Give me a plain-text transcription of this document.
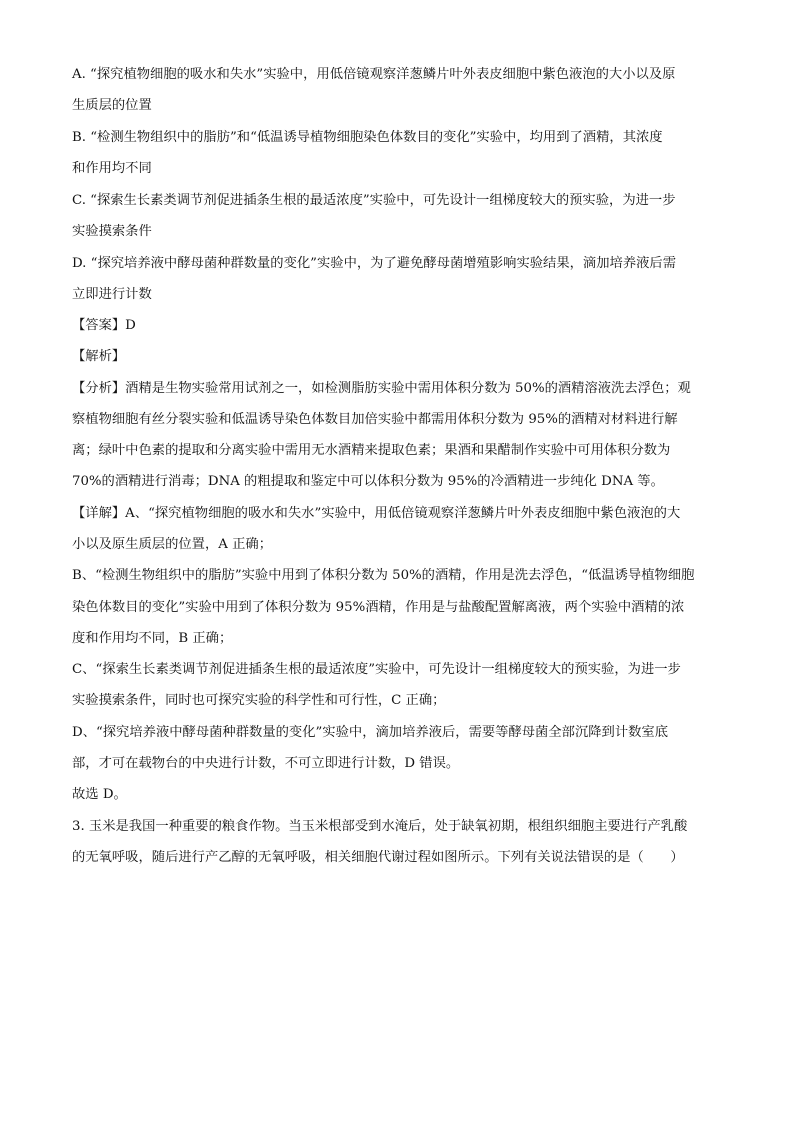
A. “探究植物细胞的吸水和失水”实验中，用低倍镜观察洋葱鳞片叶外表皮细胞中紫色液泡的大小以及原
生质层的位置
B. “检测生物组织中的脂肪”和“低温诱导植物细胞染色体数目的变化”实验中，均用到了酒精，其浓度
和作用均不同
C. “探索生长素类调节剂促进插条生根的最适浓度”实验中，可先设计一组梯度较大的预实验，为进一步
实验摸索条件
D. “探究培养液中酵母菌种群数量的变化”实验中，为了避免酵母菌增殖影响实验结果，滴加培养液后需
立即进行计数
【答案】D
【解析】
【分析】酒精是生物实验常用试剂之一，如检测脂肪实验中需用体积分数为 50%的酒精溶液洗去浮色；观
察植物细胞有丝分裂实验和低温诱导染色体数目加倍实验中都需用体积分数为 95%的酒精对材料进行解
离；绿叶中色素的提取和分离实验中需用无水酒精来提取色素；果酒和果醋制作实验中可用体积分数为
70%的酒精进行消毒；DNA 的粗提取和鉴定中可以体积分数为 95%的冷酒精进一步纯化 DNA 等。
【详解】A、“探究植物细胞的吸水和失水”实验中，用低倍镜观察洋葱鳞片叶外表皮细胞中紫色液泡的大
小以及原生质层的位置，A 正确；
B、“检测生物组织中的脂肪”实验中用到了体积分数为 50%的酒精，作用是洗去浮色，“低温诱导植物细胞
染色体数目的变化”实验中用到了体积分数为 95%酒精，作用是与盐酸配置解离液，两个实验中酒精的浓
度和作用均不同，B 正确；
C、“探索生长素类调节剂促进插条生根的最适浓度”实验中，可先设计一组梯度较大的预实验，为进一步
实验摸索条件，同时也可探究实验的科学性和可行性，C 正确；
D、“探究培养液中酵母菌种群数量的变化”实验中，滴加培养液后，需要等酵母菌全部沉降到计数室底
部，才可在载物台的中央进行计数，不可立即进行计数，D 错误。
故选 D。
3. 玉米是我国一种重要的粮食作物。当玉米根部受到水淹后，处于缺氧初期，根组织细胞主要进行产乳酸
的无氧呼吸，随后进行产乙醇的无氧呼吸，相关细胞代谢过程如图所示。下列有关说法错误的是（　　）
